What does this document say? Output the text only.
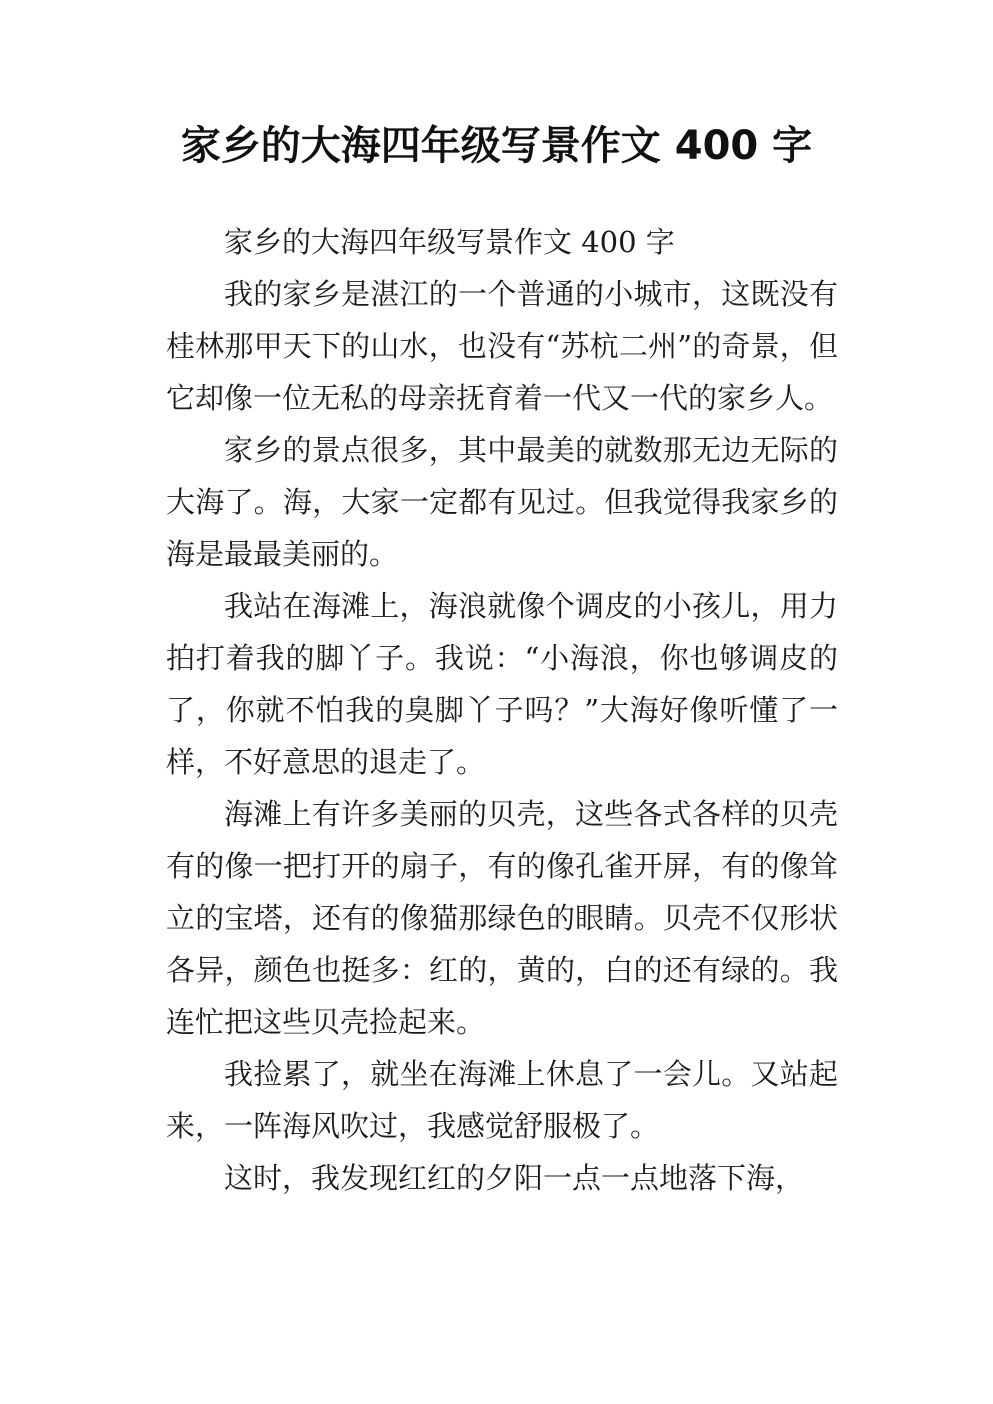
家乡的大海四年级写景作文 400 字

家乡的大海四年级写景作文 400 字

我的家乡是湛江的一个普通的小城市，这既没有桂林那甲天下的山水，也没有“苏杭二州”的奇景，但它却像一位无私的母亲抚育着一代又一代的家乡人。

家乡的景点很多，其中最美的就数那无边无际的大海了。海，大家一定都有见过。但我觉得我家乡的海是最最美丽的。

我站在海滩上，海浪就像个调皮的小孩儿，用力拍打着我的脚丫子。我说：“小海浪，你也够调皮的了，你就不怕我的臭脚丫子吗？”大海好像听懂了一样，不好意思的退走了。

海滩上有许多美丽的贝壳，这些各式各样的贝壳有的像一把打开的扇子，有的像孔雀开屏，有的像耸立的宝塔，还有的像猫那绿色的眼睛。贝壳不仅形状各异，颜色也挺多：红的，黄的，白的还有绿的。我连忙把这些贝壳捡起来。

我捡累了，就坐在海滩上休息了一会儿。又站起来，一阵海风吹过，我感觉舒服极了。

这时，我发现红红的夕阳一点一点地落下海，
